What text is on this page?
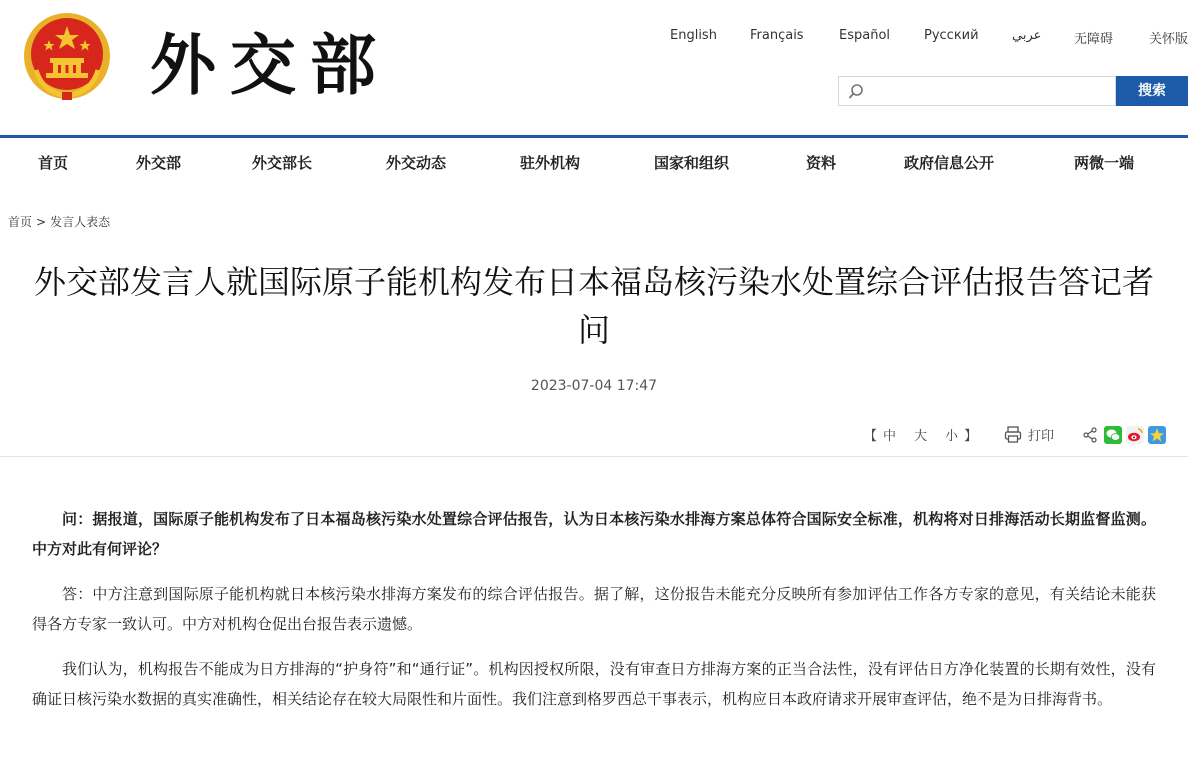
外交部	English	Français	Español	Русский	عربي	无障碍	关怀版
搜索
首页	外交部	外交部长	外交动态	驻外机构	国家和组织	资料	政府信息公开	两微一端
首页 > 发言人表态
外交部发言人就国际原子能机构发布日本福岛核污染水处置综合评估报告答记者问
2023-07-04 17:47
【 中 大 小 】	打印

问：据报道，国际原子能机构发布了日本福岛核污染水处置综合评估报告，认为日本核污染水排海方案总体符合国际安全标准，机构将对日排海活动长期监督监测。中方对此有何评论？

答：中方注意到国际原子能机构就日本核污染水排海方案发布的综合评估报告。据了解，这份报告未能充分反映所有参加评估工作各方专家的意见，有关结论未能获得各方专家一致认可。中方对机构仓促出台报告表示遗憾。

我们认为，机构报告不能成为日方排海的“护身符”和“通行证”。机构因授权所限，没有审查日方排海方案的正当合法性，没有评估日方净化装置的长期有效性，没有确证日核污染水数据的真实准确性，相关结论存在较大局限性和片面性。我们注意到格罗西总干事表示，机构应日本政府请求开展审查评估，绝不是为日排海背书。
